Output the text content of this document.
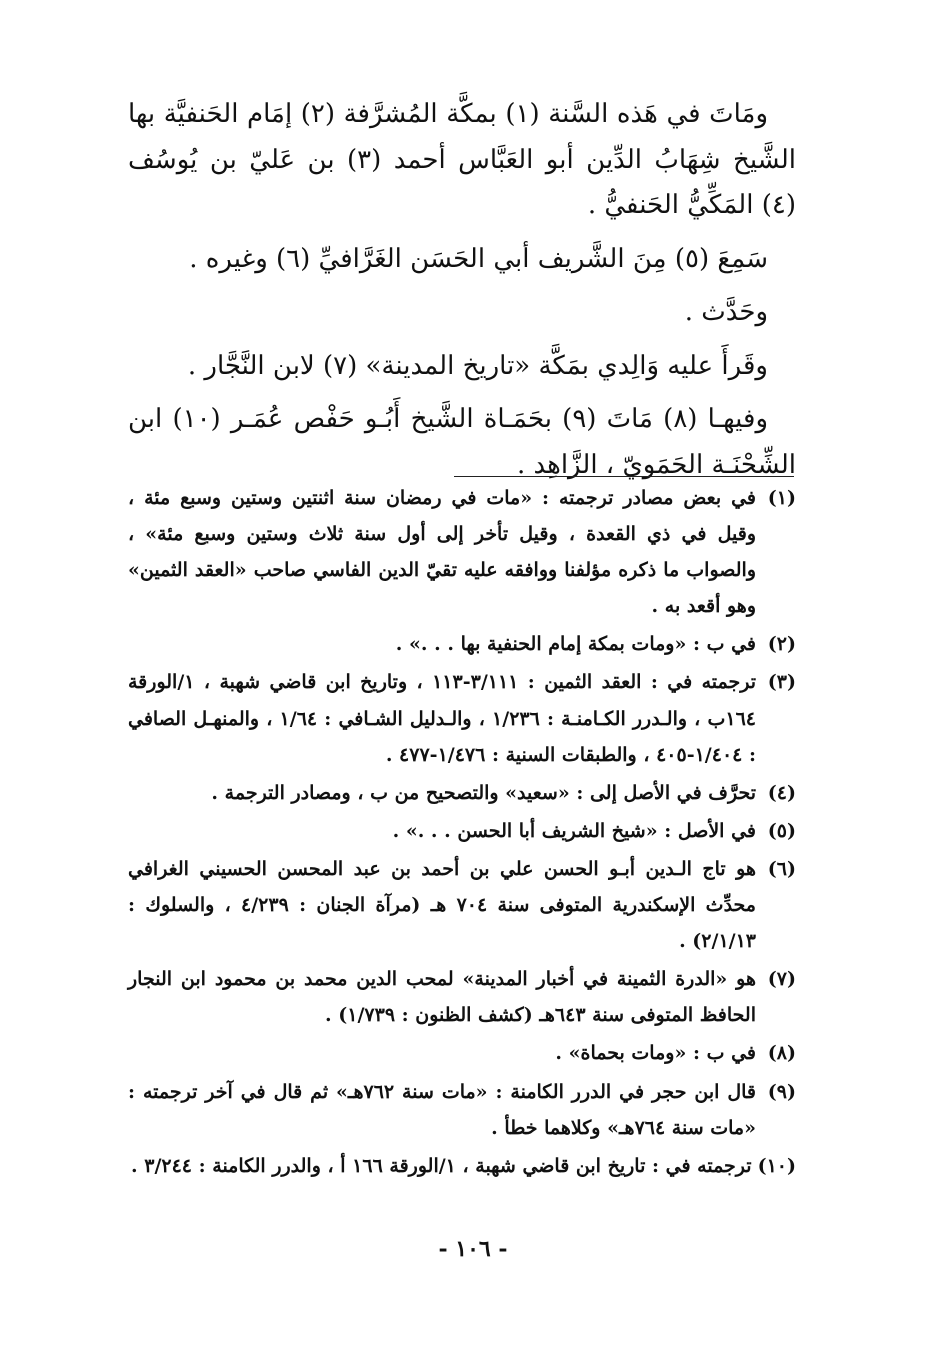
ومَاتَ في هَذه السَّنة (١) بمكَّة المُشرَّفة (٢) إمَام الحَنفيَّة بها الشَّيخ شِهَابُ الدِّين أبو العَبَّاس أحمد (٣) بن عَليّ بن يُوسُف (٤) المَكِّيُّ الحَنفيُّ .

سَمِعَ (٥) مِنَ الشَّريف أبي الحَسَن الغَرَّافيِّ (٦) وغيره .

وحَدَّث .

وقَرأَ عليه وَالِدي بمَكَّة «تاريخ المدينة» (٧) لابن النَّجَّار .

وفيهـا (٨) مَاتَ (٩) بحَمَـاة الشَّيخ أَبُـو حَفْص عُمَـر (١٠) ابن الشِّحْنَـة الحَمَويّ ، الزَّاهِد .

(١)
في بعض مصادر ترجمته : «مات في رمضان سنة اثنتين وستين وسبع مئة ، وقيل في ذي القعدة ، وقيل تأخر إلى أول سنة ثلاث وستين وسبع مئة» ، والصواب ما ذكره مؤلفنا ووافقه عليه تقيّ الدين الفاسي صاحب «العقد الثمين» وهو أقعد به .
(٢)
في ب : «ومات بمكة إمام الحنفية بها . . .» .
(٣)
ترجمته في : العقد الثمين : ٣/١١١-١١٣ ، وتاريخ ابن قاضي شهبة ، ١/الورقة ١٦٤ب ، والـدرر الكـامنـة : ١/٢٣٦ ، والـدليل الشـافي : ١/٦٤ ، والمنهـل الصافي : ١/٤٠٤-٤٠٥ ، والطبقات السنية : ١/٤٧٦-٤٧٧ .
(٤)
تحرَّف في الأصل إلى : «سعيد» والتصحيح من ب ، ومصادر الترجمة .
(٥)
في الأصل : «شيخ الشريف أبا الحسن . . .» .
(٦)
هو تاج الـدين أبـو الحسن علي بن أحمد بن عبد المحسن الحسيني الغرافي محدِّث الإسكندرية المتوفى سنة ٧٠٤ هـ (مرآة الجنان : ٤/٢٣٩ ، والسلوك : ٢/١/١٣) .
(٧)
هو «الدرة الثمينة في أخبار المدينة» لمحب الدين محمد بن محمود ابن النجار الحافظ المتوفى سنة ٦٤٣هـ (كشف الظنون : ١/٧٣٩) .
(٨)
في ب : «ومات بحماة» .
(٩)
قال ابن حجر في الدرر الكامنة : «مات سنة ٧٦٢هـ» ثم قال في آخر ترجمته : «مات سنة ٧٦٤هـ» وكلاهما خطأ .
(١٠)
ترجمته في : تاريخ ابن قاضي شهبة ، ١/الورقة ١٦٦ أ ، والدرر الكامنة : ٣/٢٤٤ .
- ١٠٦ -
